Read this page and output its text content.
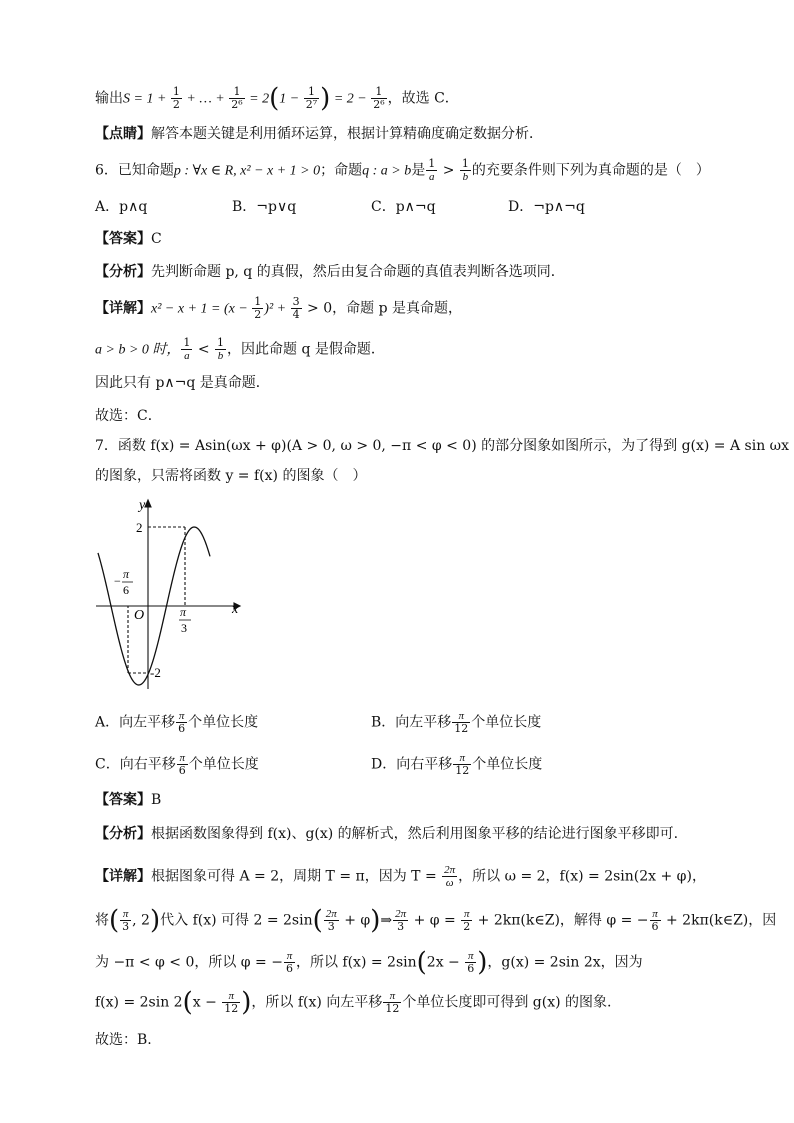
输出$S = 1 + \frac{1}{2}$ + … + $\frac{1}{\text{2⁶}} = 2(1 - \frac{1}{\text{2⁷}}$ ) = $2 - \frac{1}{\text{2⁶}}$ ，故选 C．
【点睛】解答本题关键是利用循环运算，根据计算精确度确定数据分析．
6．已知命题p : ∀x ∈ R, x² − x + 1 > 0；命题q : a > b是 $\frac{1}{a} > \frac{1}{b}$ 的充要条件则下列为真命题的是（　）
A．p∧q	B．¬p∨q	C．p∧¬q	D．¬p∧¬q
【答案】C
【分析】先判断命题 p, q 的真假，然后由复合命题的真值表判断各选项同．
【详解】$x^2 - x + 1 = (x - \frac{1}{2} )^2 + \frac{3}{4} > 0$，命题 p 是真命题，
a > b > 0 时， $\frac{1}{a} < \frac{1}{b}$ ，因此命题 q 是假命题．
因此只有 p∧¬q 是真命题．
故选：C．
7．函数 f(x) = Asin(ωx + φ)(A > 0, ω > 0, −π < φ < 0) 的部分图象如图所示，为了得到 g(x) = A sin ωx
的图象，只需将函数 y = f(x) 的图象（　）
y
x
O
2
-2
− π
6
π
3
A．向左平移 $\frac{\pi}{6}$ 个单位长度	B．向左平移 $\frac{\pi}{12}$ 个单位长度
C．向右平移 $\frac{\pi}{6}$ 个单位长度	D．向右平移 $\frac{\pi}{12}$ 个单位长度
【答案】B
【分析】根据函数图象得到 f(x)、g(x) 的解析式，然后利用图象平移的结论进行图象平移即可.
【详解】根据图象可得 A = 2，周期 T = π，因为 $T = \frac{2\pi}{\omega}$ ，所以 ω = 2，f(x) = 2sin(2x + φ)，
将( $\frac{\pi}{3}$ , 2)代入 f(x) 可得 $2 = 2\sin( \frac{2\pi}{3}$ + φ)⇒ $\frac{2\pi}{3} + \varphi = \frac{\pi}{2}$ + 2kπ(k∈Z)，解得 φ = − $\frac{\pi}{6}$ + 2kπ(k∈Z)，因
为 −π < φ < 0，所以 φ = − $\frac{\pi}{6}$ ，所以 $f(x) = 2\sin(2x - \frac{\pi}{6}$ )，g(x) = 2sin 2x，因为
f(x) = 2sin $2(x - \frac{\pi}{12}$ )，所以 f(x) 向左平移 $\frac{\pi}{12}$ 个单位长度即可得到 g(x) 的图象.
故选：B.
